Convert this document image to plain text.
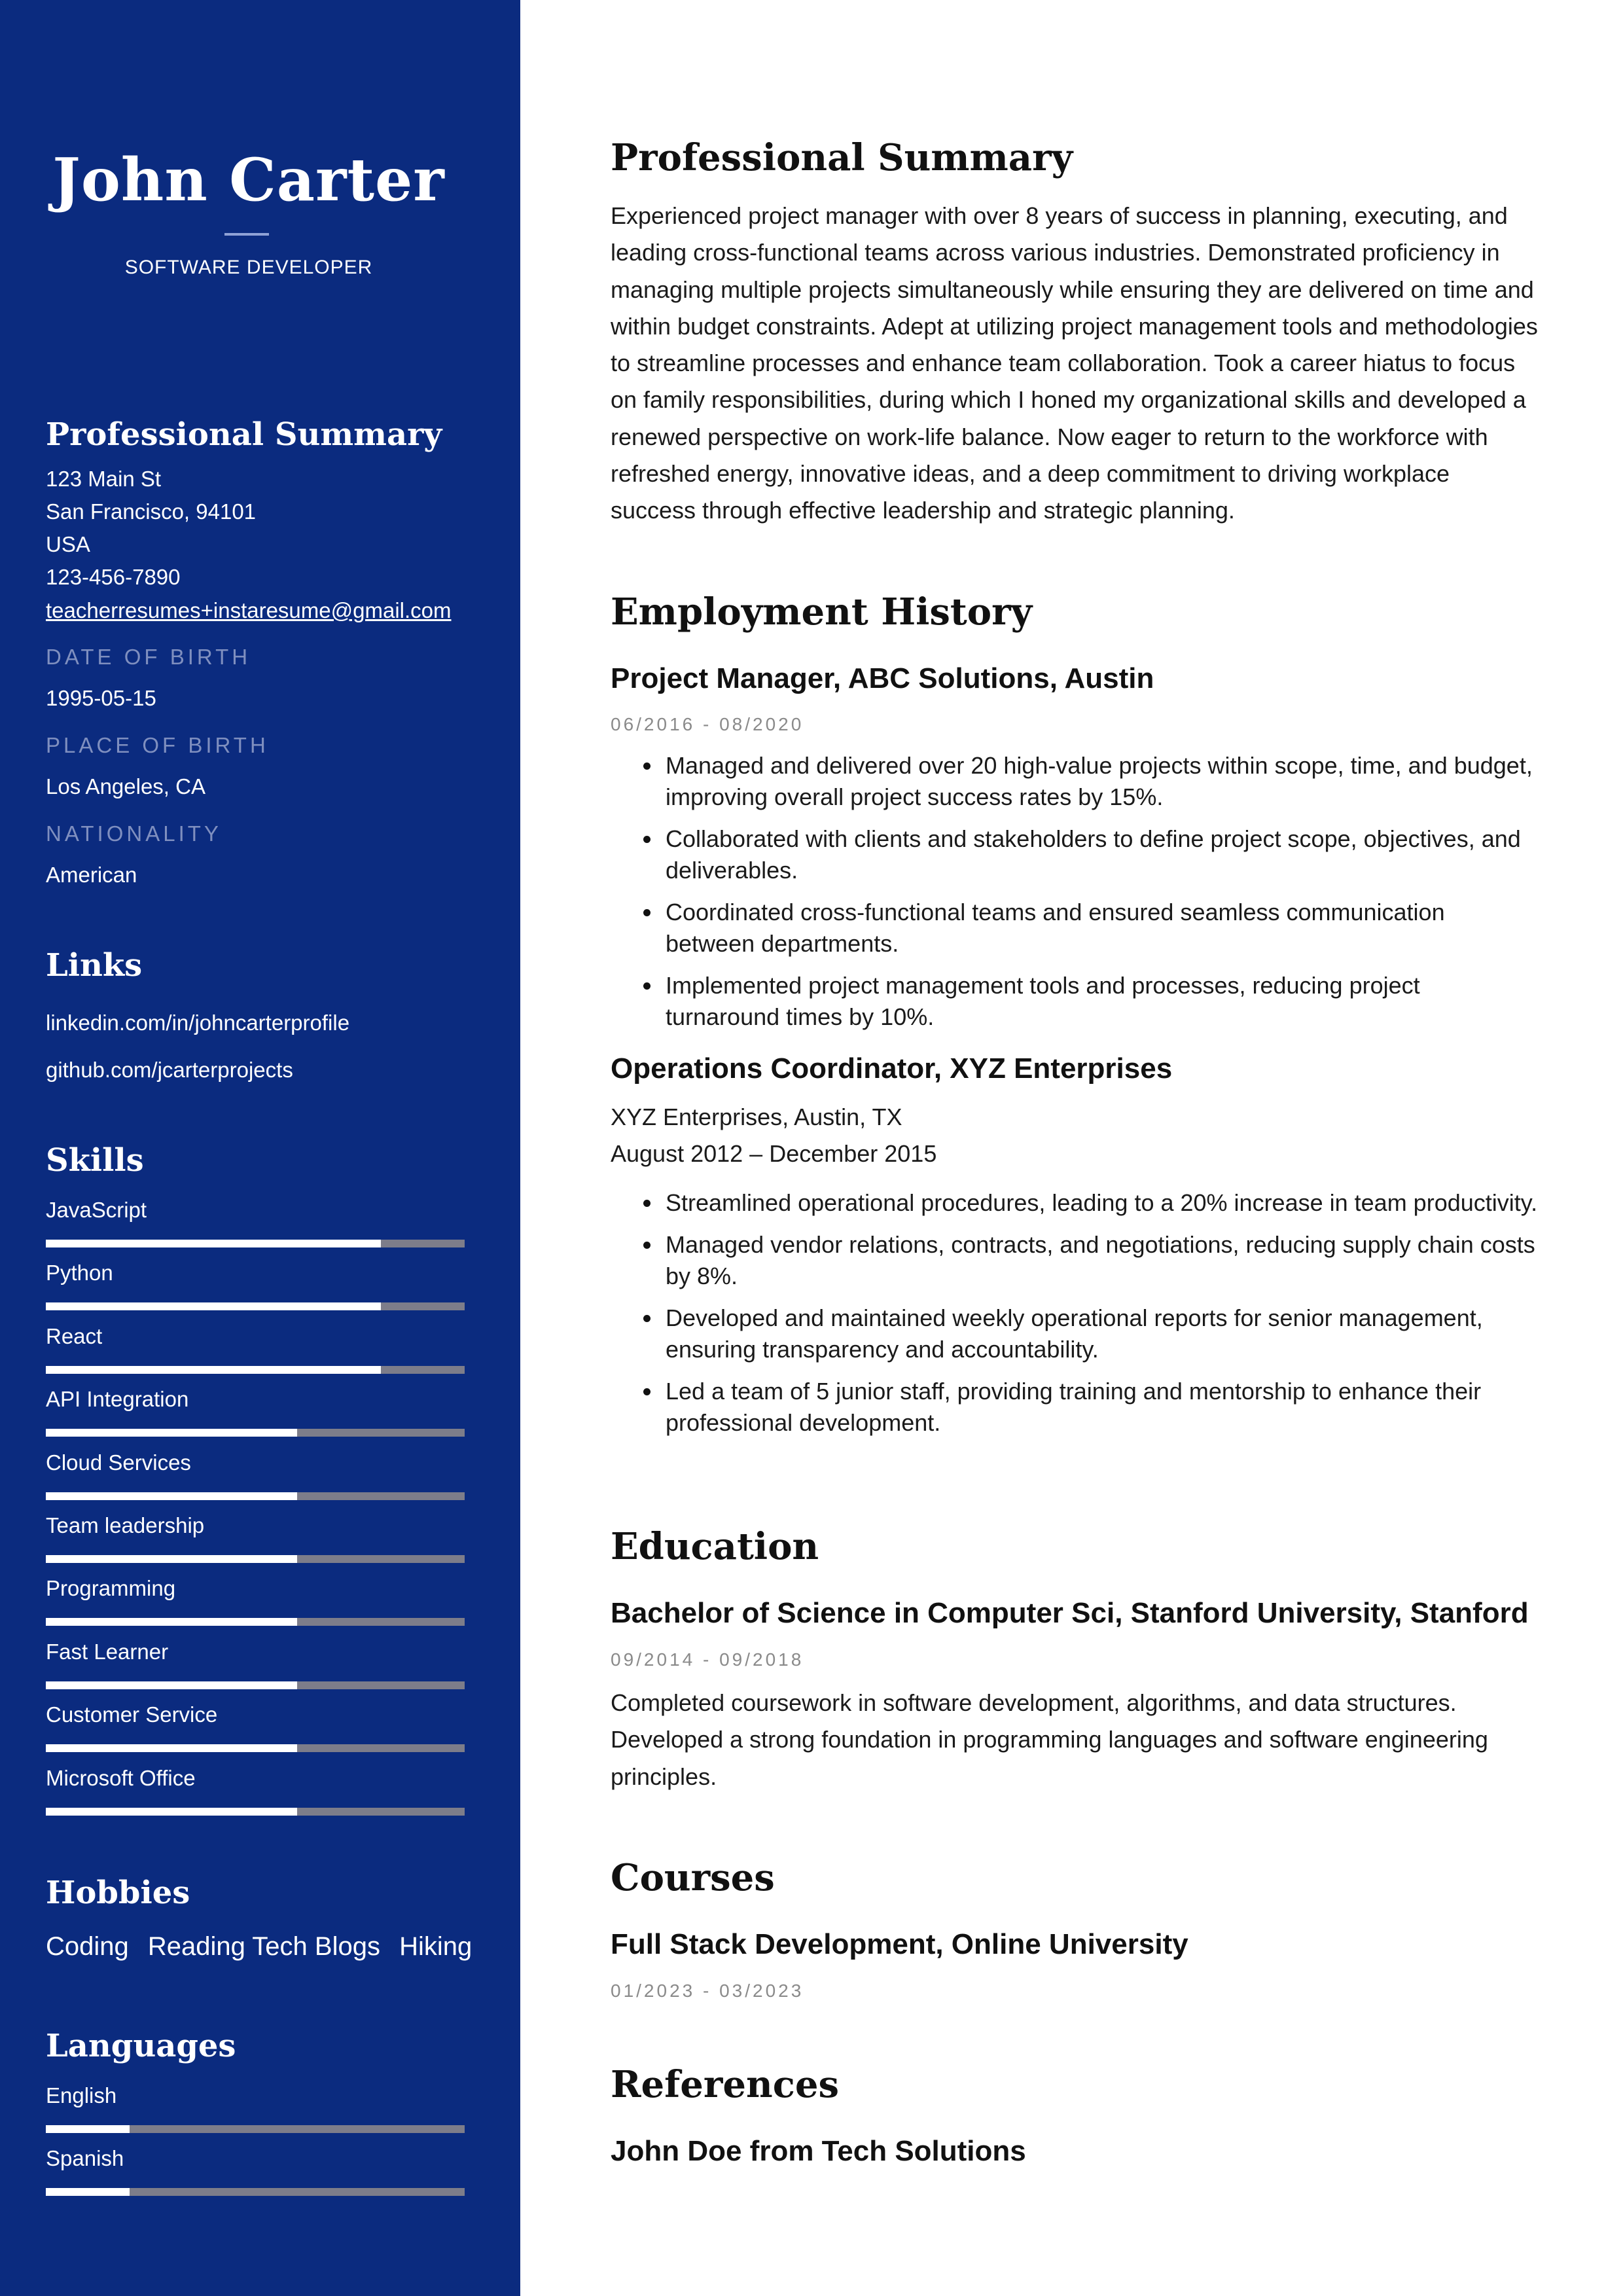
John Carter
SOFTWARE DEVELOPER
Professional Summary
123 Main St
San Francisco, 94101
USA
123-456-7890
teacherresumes+instaresume@gmail.com
DATE OF BIRTH
1995-05-15
PLACE OF BIRTH
Los Angeles, CA
NATIONALITY
American
Links
linkedin.com/in/johncarterprofile
github.com/jcarterprojects
Skills
JavaScript
Python
React
API Integration
Cloud Services
Team leadership
Programming
Fast Learner
Customer Service
Microsoft Office
Hobbies
Coding Reading Tech Blogs Hiking
Languages
English
Spanish
Professional Summary

Experienced project manager with over 8 years of success in planning, executing, and leading cross-functional teams across various industries. Demonstrated proficiency in managing multiple projects simultaneously while ensuring they are delivered on time and within budget constraints. Adept at utilizing project management tools and methodologies to streamline processes and enhance team collaboration. Took a career hiatus to focus on family responsibilities, during which I honed my organizational skills and developed a renewed perspective on work-life balance. Now eager to return to the workforce with refreshed energy, innovative ideas, and a deep commitment to driving workplace success through effective leadership and strategic planning.

Employment History
Project Manager, ABC Solutions, Austin
06/2016 - 08/2020
Managed and delivered over 20 high-value projects within scope, time, and budget, improving overall project success rates by 15%.
Collaborated with clients and stakeholders to define project scope, objectives, and deliverables.
Coordinated cross-functional teams and ensured seamless communication between departments.
Implemented project management tools and processes, reducing project turnaround times by 10%.
Operations Coordinator, XYZ Enterprises
XYZ Enterprises, Austin, TX
August 2012 – December 2015
Streamlined operational procedures, leading to a 20% increase in team productivity.
Managed vendor relations, contracts, and negotiations, reducing supply chain costs by 8%.
Developed and maintained weekly operational reports for senior management, ensuring transparency and accountability.
Led a team of 5 junior staff, providing training and mentorship to enhance their professional development.
Education
Bachelor of Science in Computer Sci, Stanford University, Stanford
09/2014 - 09/2018

Completed coursework in software development, algorithms, and data structures. Developed a strong foundation in programming languages and software engineering principles.

Courses
Full Stack Development, Online University
01/2023 - 03/2023
References
John Doe from Tech Solutions
